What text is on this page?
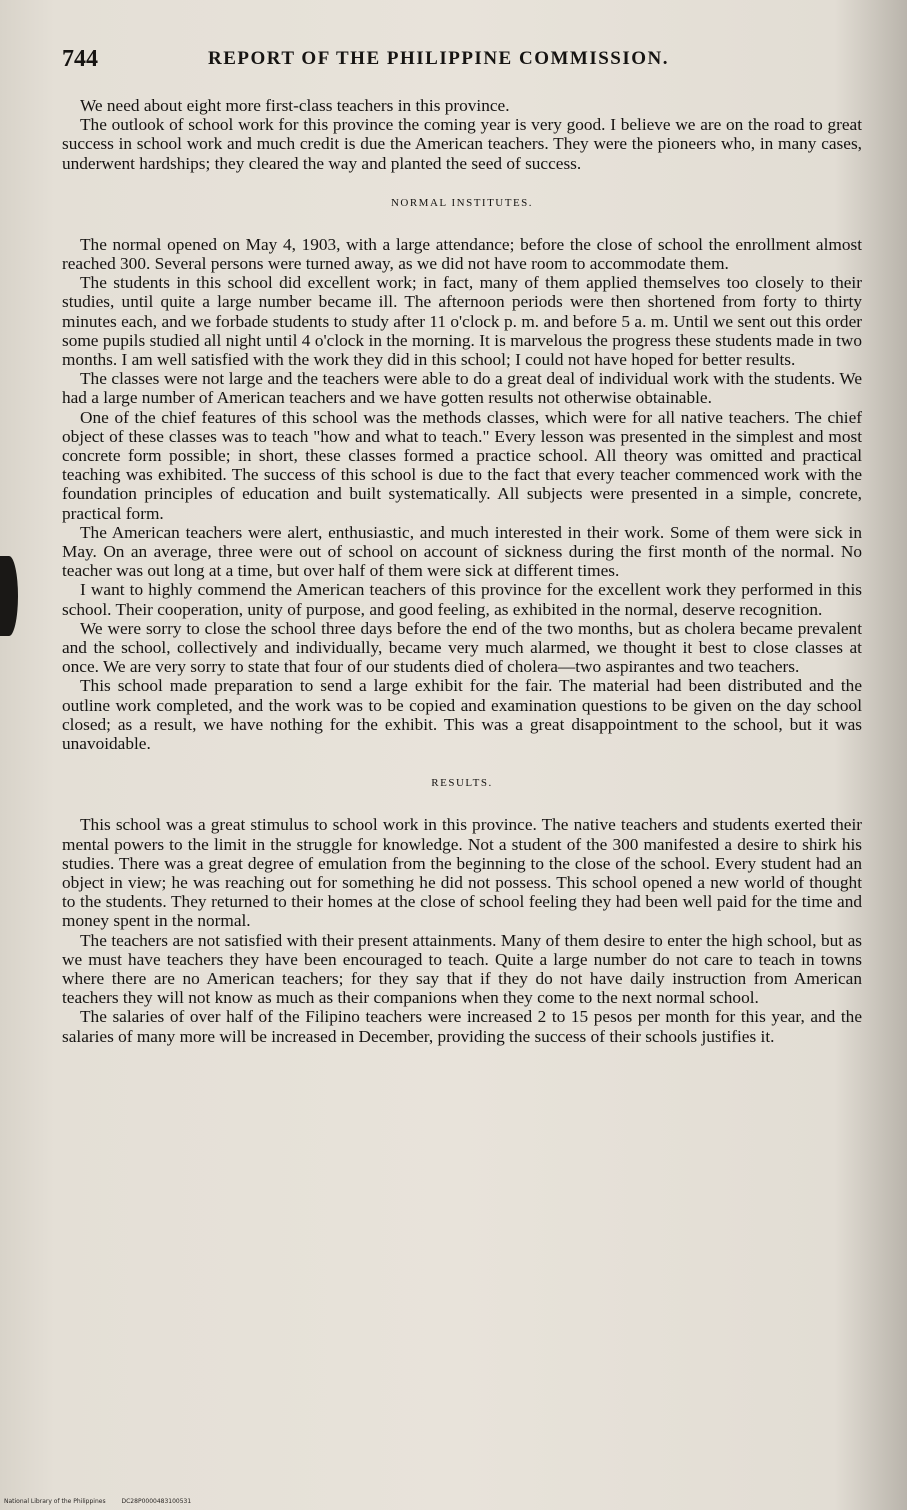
744	REPORT OF THE PHILIPPINE COMMISSION.

We need about eight more first-class teachers in this province.

The outlook of school work for this province the coming year is very good. I believe we are on the road to great success in school work and much credit is due the American teachers. They were the pioneers who, in many cases, underwent hardships; they cleared the way and planted the seed of success.

NORMAL INSTITUTES.

The normal opened on May 4, 1903, with a large attendance; before the close of school the enrollment almost reached 300. Several persons were turned away, as we did not have room to accommodate them.

The students in this school did excellent work; in fact, many of them applied themselves too closely to their studies, until quite a large number became ill. The afternoon periods were then shortened from forty to thirty minutes each, and we forbade students to study after 11 o'clock p. m. and before 5 a. m. Until we sent out this order some pupils studied all night until 4 o'clock in the morning. It is marvelous the progress these students made in two months. I am well satisfied with the work they did in this school; I could not have hoped for better results.

The classes were not large and the teachers were able to do a great deal of individual work with the students. We had a large number of American teachers and we have gotten results not otherwise obtainable.

One of the chief features of this school was the methods classes, which were for all native teachers. The chief object of these classes was to teach "how and what to teach." Every lesson was presented in the simplest and most concrete form possible; in short, these classes formed a practice school. All theory was omitted and practical teaching was exhibited. The success of this school is due to the fact that every teacher commenced work with the foundation principles of education and built systematically. All subjects were presented in a simple, concrete, practical form.

The American teachers were alert, enthusiastic, and much interested in their work. Some of them were sick in May. On an average, three were out of school on account of sickness during the first month of the normal. No teacher was out long at a time, but over half of them were sick at different times.

I want to highly commend the American teachers of this province for the excellent work they performed in this school. Their cooperation, unity of purpose, and good feeling, as exhibited in the normal, deserve recognition.

We were sorry to close the school three days before the end of the two months, but as cholera became prevalent and the school, collectively and individually, became very much alarmed, we thought it best to close classes at once. We are very sorry to state that four of our students died of cholera—two aspirantes and two teachers.

This school made preparation to send a large exhibit for the fair. The material had been distributed and the outline work completed, and the work was to be copied and examination questions to be given on the day school closed; as a result, we have nothing for the exhibit. This was a great disappointment to the school, but it was unavoidable.

RESULTS.

This school was a great stimulus to school work in this province. The native teachers and students exerted their mental powers to the limit in the struggle for knowledge. Not a student of the 300 manifested a desire to shirk his studies. There was a great degree of emulation from the beginning to the close of the school. Every student had an object in view; he was reaching out for something he did not possess. This school opened a new world of thought to the students. They returned to their homes at the close of school feeling they had been well paid for the time and money spent in the normal.

The teachers are not satisfied with their present attainments. Many of them desire to enter the high school, but as we must have teachers they have been encouraged to teach. Quite a large number do not care to teach in towns where there are no American teachers; for they say that if they do not have daily instruction from American teachers they will not know as much as their companions when they come to the next normal school.

The salaries of over half of the Filipino teachers were increased 2 to 15 pesos per month for this year, and the salaries of many more will be increased in December, providing the success of their schools justifies it.

National Library of the Philippines	DC28P0000483100531
